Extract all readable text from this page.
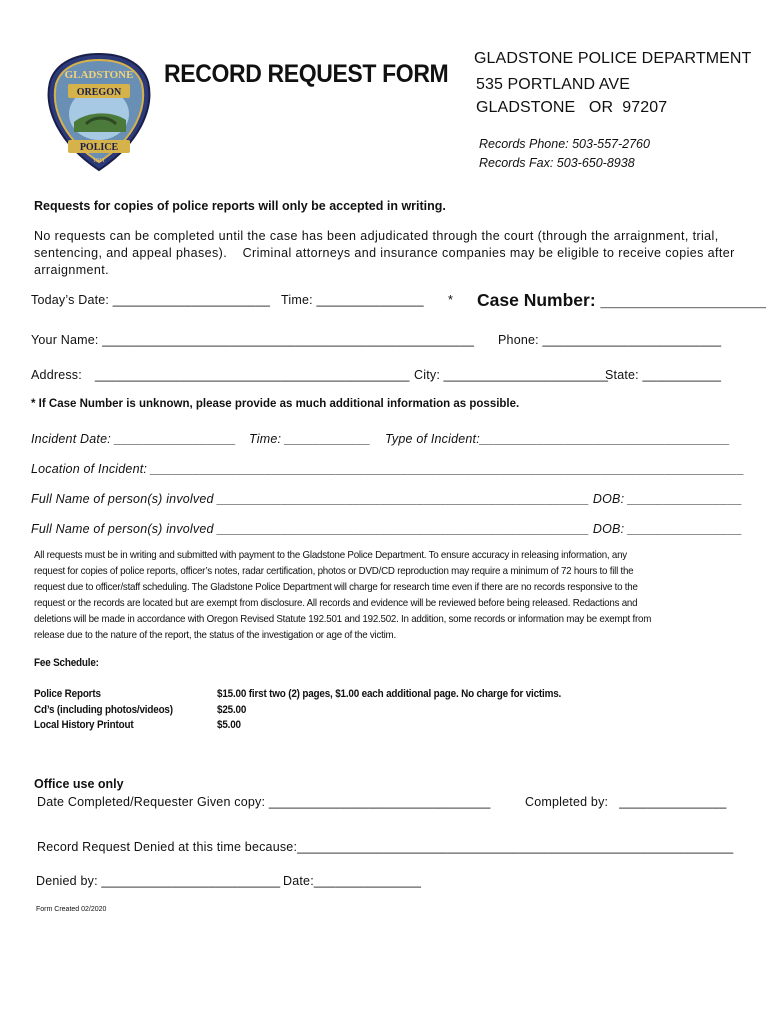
GLADSTONE
OREGON
POLICE
1911
RECORD REQUEST FORM
GLADSTONE POLICE DEPARTMENT
535 PORTLAND AVE
GLADSTONE   OR  97207
Records Phone: 503-557-2760
Records Fax: 503-650-8938
Requests for copies of police reports will only be accepted in writing.
No requests can be completed until the case has been adjudicated through the court (through the arraignment, trial,
sentencing, and appeal phases).    Criminal attorneys and insurance companies may be eligible to receive copies after
arraignment.
Today’s Date: ______________________ Time: _______________ * Case Number: _________________
Your Name: ____________________________________________________ Phone: _________________________
Address: ____________________________________________ City: _______________________
State: ___________
* If Case Number is unknown, please provide as much additional information as possible.
Incident Date: _________________ Time: ____________ Type of Incident:___________________________________
Location of Incident: ___________________________________________________________________________________
Full Name of person(s) involved ____________________________________________________ DOB: ________________
Full Name of person(s) involved ____________________________________________________ DOB: ________________
All requests must be in writing and submitted with payment to the Gladstone Police Department. To ensure accuracy in releasing information, any
request for copies of police reports, officer’s notes, radar certification, photos or DVD/CD reproduction may require a minimum of 72 hours to fill the
request due to officer/staff scheduling. The Gladstone Police Department will charge for research time even if there are no records responsive to the
request or the records are located but are exempt from disclosure. All records and evidence will be reviewed before being released. Redactions and
deletions will be made in accordance with Oregon Revised Statute 192.501 and 192.502. In addition, some records or information may be exempt from
release due to the nature of the report, the status of the investigation or age of the victim.
Fee Schedule:
Police Reports	$15.00 first two (2) pages, $1.00 each additional page. No charge for victims.
Cd’s (including photos/videos)	$25.00
Local History Printout	$5.00
Office use only
Date Completed/Requester Given copy: _______________________________	Completed by:   _______________
Record Request Denied at this time because:_____________________________________________________________
Denied by: _________________________ Date:_______________
Form Created 02/2020
